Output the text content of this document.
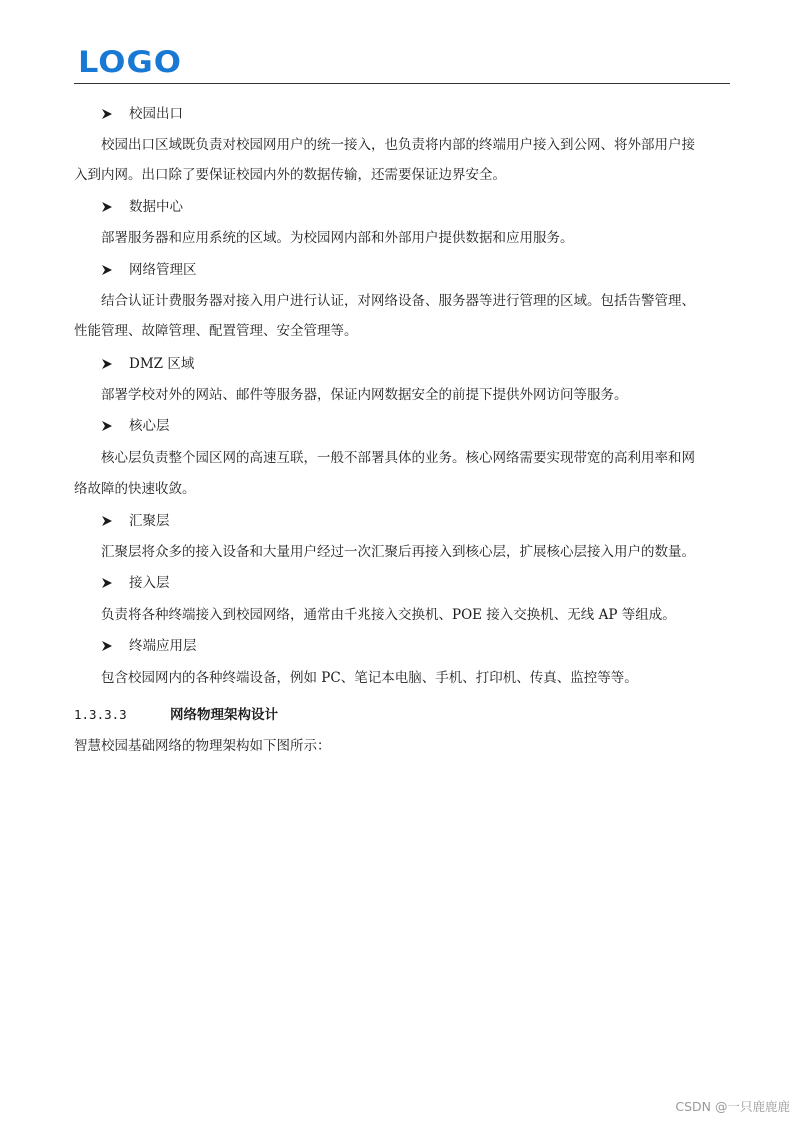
LOGO
校园出口
校园出口区域既负责对校园网用户的统一接入，也负责将内部的终端用户接入到公网、将外部用户接
入到内网。出口除了要保证校园内外的数据传输，还需要保证边界安全。
数据中心
部署服务器和应用系统的区域。为校园网内部和外部用户提供数据和应用服务。
网络管理区
结合认证计费服务器对接入用户进行认证，对网络设备、服务器等进行管理的区域。包括告警管理、
性能管理、故障管理、配置管理、安全管理等。
DMZ 区域
部署学校对外的网站、邮件等服务器，保证内网数据安全的前提下提供外网访问等服务。
核心层
核心层负责整个园区网的高速互联，一般不部署具体的业务。核心网络需要实现带宽的高利用率和网
络故障的快速收敛。
汇聚层
汇聚层将众多的接入设备和大量用户经过一次汇聚后再接入到核心层，扩展核心层接入用户的数量。
接入层
负责将各种终端接入到校园网络，通常由千兆接入交换机、POE 接入交换机、无线 AP 等组成。
终端应用层
包含校园网内的各种终端设备，例如 PC、笔记本电脑、手机、打印机、传真、监控等等。
1.3.3.3	网络物理架构设计
智慧校园基础网络的物理架构如下图所示：
CSDN @一只鹿鹿鹿
